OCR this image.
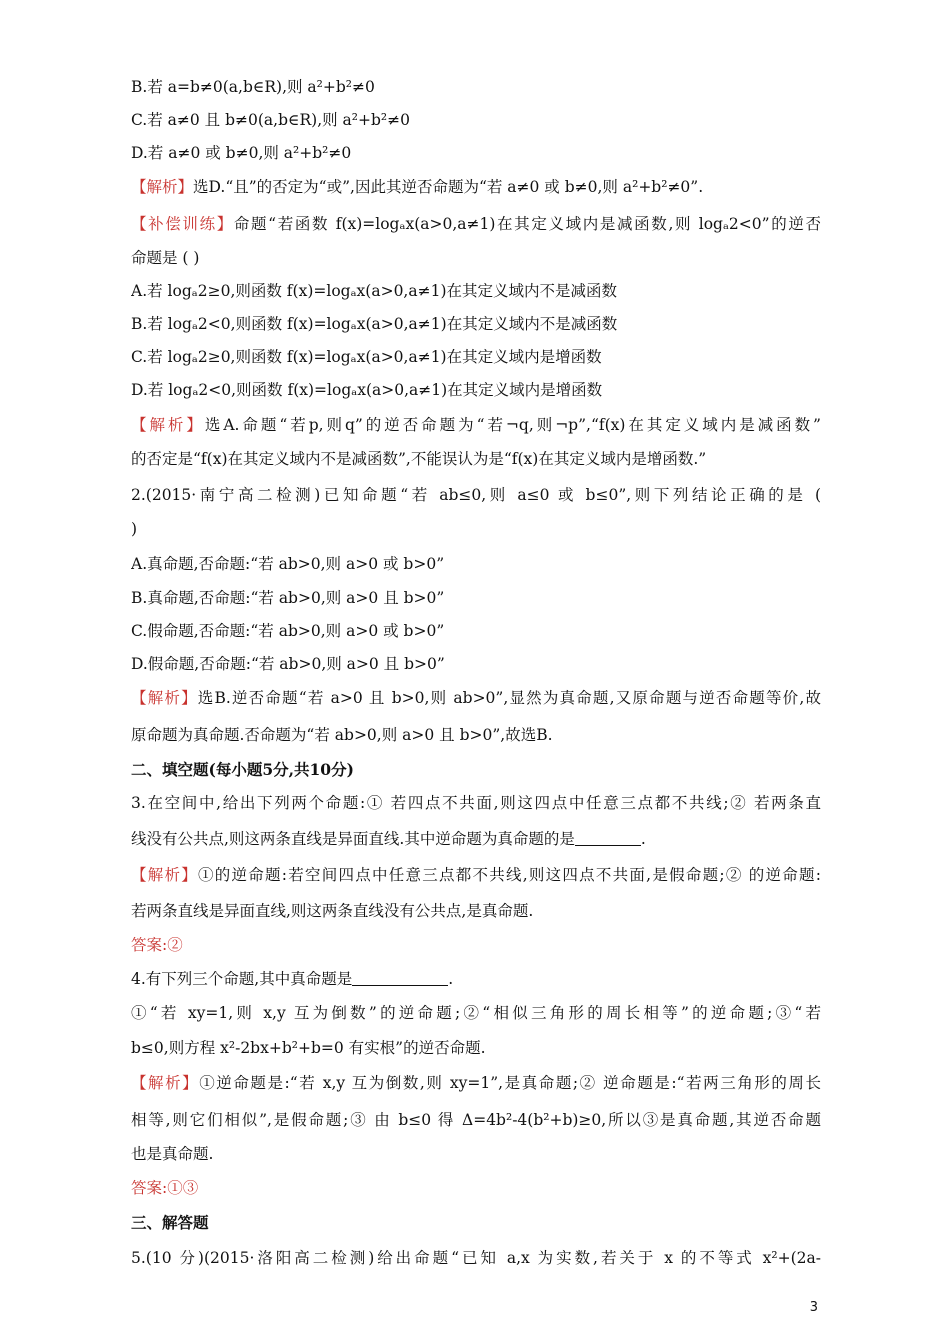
B.若 a=b≠0(a,b∈R),则 a²+b²≠0
C.若 a≠0 且 b≠0(a,b∈R),则 a²+b²≠0
D.若 a≠0 或 b≠0,则 a²+b²≠0
【解析】选D.“且”的否定为“或”,因此其逆否命题为“若 a≠0 或 b≠0,则 a²+b²≠0”.
【补偿训练】命题“若函数 f(x)=logₐx(a>0,a≠1)在其定义域内是减函数,则 logₐ2<0”的逆否
命题是 ( )
A.若 logₐ2≥0,则函数 f(x)=logₐx(a>0,a≠1)在其定义域内不是减函数
B.若 logₐ2<0,则函数 f(x)=logₐx(a>0,a≠1)在其定义域内不是减函数
C.若 logₐ2≥0,则函数 f(x)=logₐx(a>0,a≠1)在其定义域内是增函数
D.若 logₐ2<0,则函数 f(x)=logₐx(a>0,a≠1)在其定义域内是增函数
【解析】选A.命题“若p,则q”的逆否命题为“若¬q,则¬p”,“f(x)在其定义域内是减函数”
的否定是“f(x)在其定义域内不是减函数”,不能误认为是“f(x)在其定义域内是增函数.”
2.(2015·南宁高二检测)已知命题“若 ab≤0,则 a≤0 或 b≤0”,则下列结论正确的是 (
)
A.真命题,否命题:“若 ab>0,则 a>0 或 b>0”
B.真命题,否命题:“若 ab>0,则 a>0 且 b>0”
C.假命题,否命题:“若 ab>0,则 a>0 或 b>0”
D.假命题,否命题:“若 ab>0,则 a>0 且 b>0”
【解析】选B.逆否命题“若 a>0 且 b>0,则 ab>0”,显然为真命题,又原命题与逆否命题等价,故
原命题为真命题.否命题为“若 ab>0,则 a>0 且 b>0”,故选B.
二、填空题(每小题5分,共10分)
3.在空间中,给出下列两个命题:① 若四点不共面,则这四点中任意三点都不共线;② 若两条直
线没有公共点,则这两条直线是异面直线.其中逆命题为真命题的是	.
【解析】①的逆命题:若空间四点中任意三点都不共线,则这四点不共面,是假命题;② 的逆命题:
若两条直线是异面直线,则这两条直线没有公共点,是真命题.
答案:②
4.有下列三个命题,其中真命题是	.
①“若 xy=1,则 x,y 互为倒数”的逆命题;②“相似三角形的周长相等”的逆命题;③“若
b≤0,则方程 x²-2bx+b²+b=0 有实根”的逆否命题.
【解析】①逆命题是:“若 x,y 互为倒数,则 xy=1”,是真命题;② 逆命题是:“若两三角形的周长
相等,则它们相似”,是假命题;③ 由 b≤0 得 Δ=4b²-4(b²+b)≥0,所以③是真命题,其逆否命题
也是真命题.
答案:①③
三、解答题
5.(10 分)(2015·洛阳高二检测)给出命题“已知 a,x 为实数,若关于 x 的不等式 x²+(2a-
3
